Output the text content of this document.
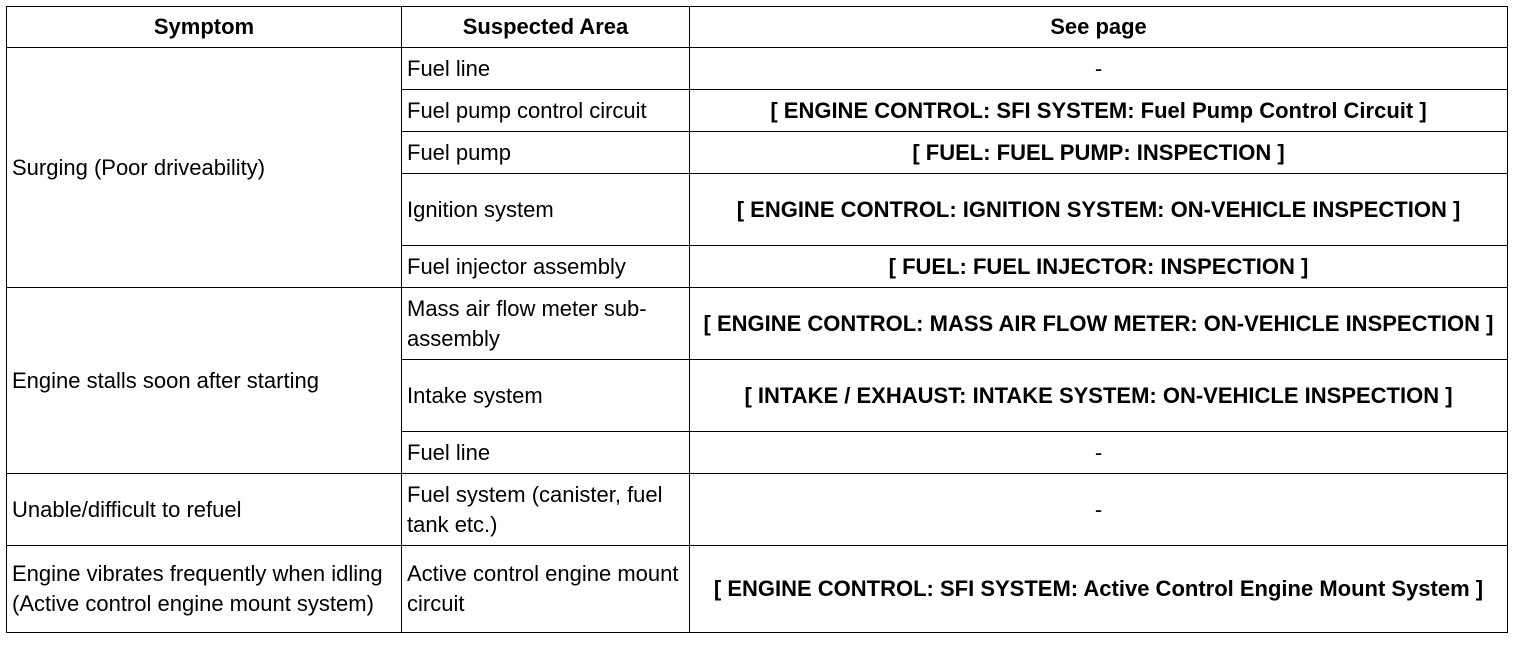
Symptom	Suspected Area	See page
Surging (Poor driveability)	Fuel line	-
	Fuel pump control circuit	[ ENGINE CONTROL: SFI SYSTEM: Fuel Pump Control Circuit ]
	Fuel pump	[ FUEL: FUEL PUMP: INSPECTION ]
	Ignition system	[ ENGINE CONTROL: IGNITION SYSTEM: ON-VEHICLE INSPECTION ]
	Fuel injector assembly	[ FUEL: FUEL INJECTOR: INSPECTION ]
Engine stalls soon after starting	Mass air flow meter sub-assembly	[ ENGINE CONTROL: MASS AIR FLOW METER: ON-VEHICLE INSPECTION ]
	Intake system	[ INTAKE / EXHAUST: INTAKE SYSTEM: ON-VEHICLE INSPECTION ]
	Fuel line	-
Unable/difficult to refuel	Fuel system (canister, fuel tank etc.)	-
Engine vibrates frequently when idling (Active control engine mount system)	Active control engine mount circuit	[ ENGINE CONTROL: SFI SYSTEM: Active Control Engine Mount System ]
